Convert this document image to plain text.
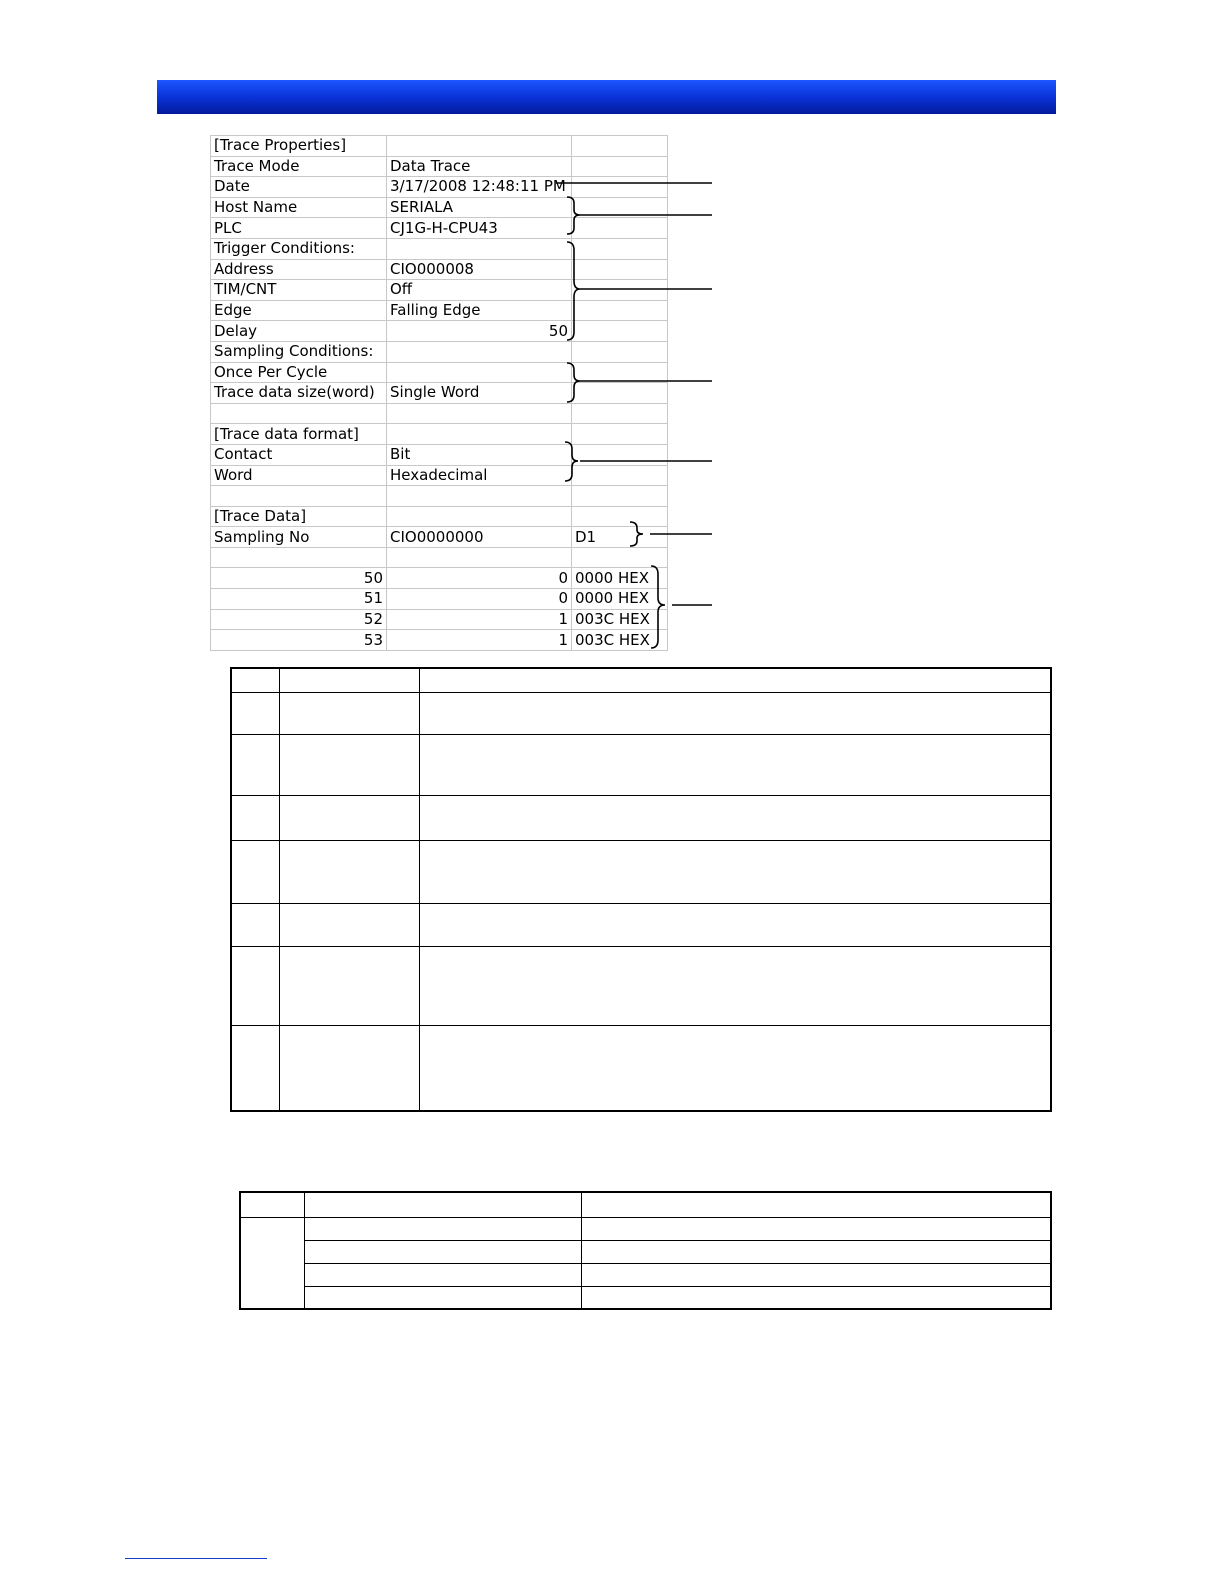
[Trace Properties]		
Trace Mode	Data Trace	
Date	3/17/2008 12:48:11 PM	
Host Name	SERIALA	
PLC	CJ1G-H-CPU43	
Trigger Conditions:		
Address	CIO000008	
TIM/CNT	Off	
Edge	Falling Edge	
Delay	50	
Sampling Conditions:		
Once Per Cycle		
Trace data size(word)	Single Word	

[Trace data format]		
Contact	Bit	
Word	Hexadecimal	

[Trace Data]		
Sampling No	CIO0000000	D1

50	0	0000 HEX
51	0	0000 HEX
52	1	003C HEX
53	1	003C HEX
